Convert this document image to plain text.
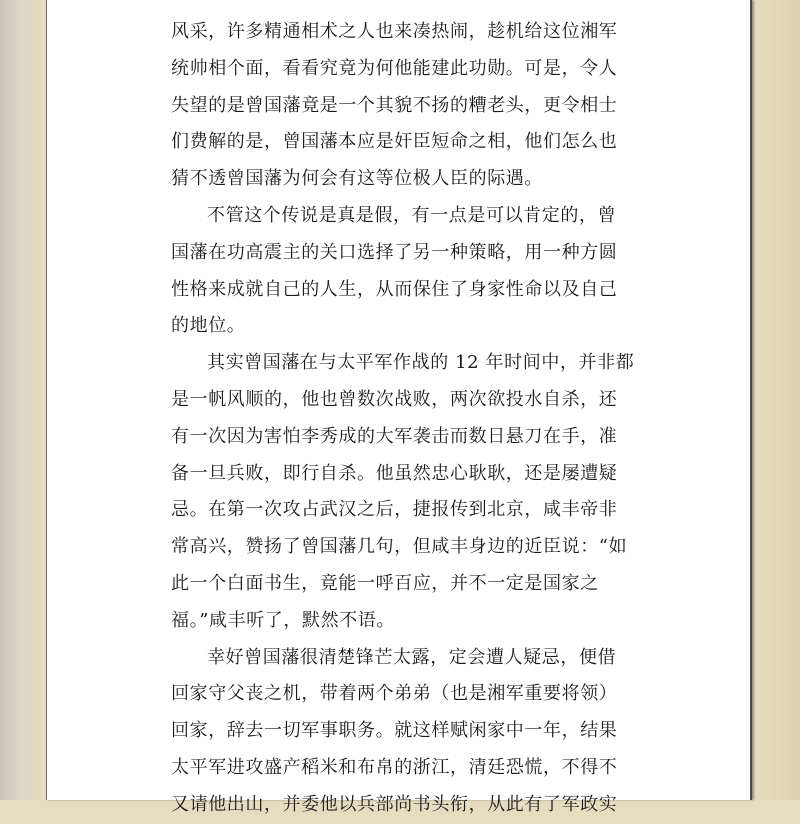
风采，许多精通相术之人也来凑热闹，趁机给这位湘军
统帅相个面，看看究竟为何他能建此功勋。可是，令人
失望的是曾国藩竟是一个其貌不扬的糟老头，更令相士
们费解的是，曾国藩本应是奸臣短命之相，他们怎么也
猜不透曾国藩为何会有这等位极人臣的际遇。
不管这个传说是真是假，有一点是可以肯定的，曾
国藩在功高震主的关口选择了另一种策略，用一种方圆
性格来成就自己的人生，从而保住了身家性命以及自己
的地位。
其实曾国藩在与太平军作战的 12 年时间中，并非都
是一帆风顺的，他也曾数次战败，两次欲投水自杀，还
有一次因为害怕李秀成的大军袭击而数日悬刀在手，准
备一旦兵败，即行自杀。他虽然忠心耿耿，还是屡遭疑
忌。在第一次攻占武汉之后，捷报传到北京，咸丰帝非
常高兴，赞扬了曾国藩几句，但咸丰身边的近臣说：“如
此一个白面书生，竟能一呼百应，并不一定是国家之
福。”咸丰听了，默然不语。
幸好曾国藩很清楚锋芒太露，定会遭人疑忌，便借
回家守父丧之机，带着两个弟弟（也是湘军重要将领）
回家，辞去一切军事职务。就这样赋闲家中一年，结果
太平军进攻盛产稻米和布帛的浙江，清廷恐慌，不得不
又请他出山，并委他以兵部尚书头衔，从此有了军政实
